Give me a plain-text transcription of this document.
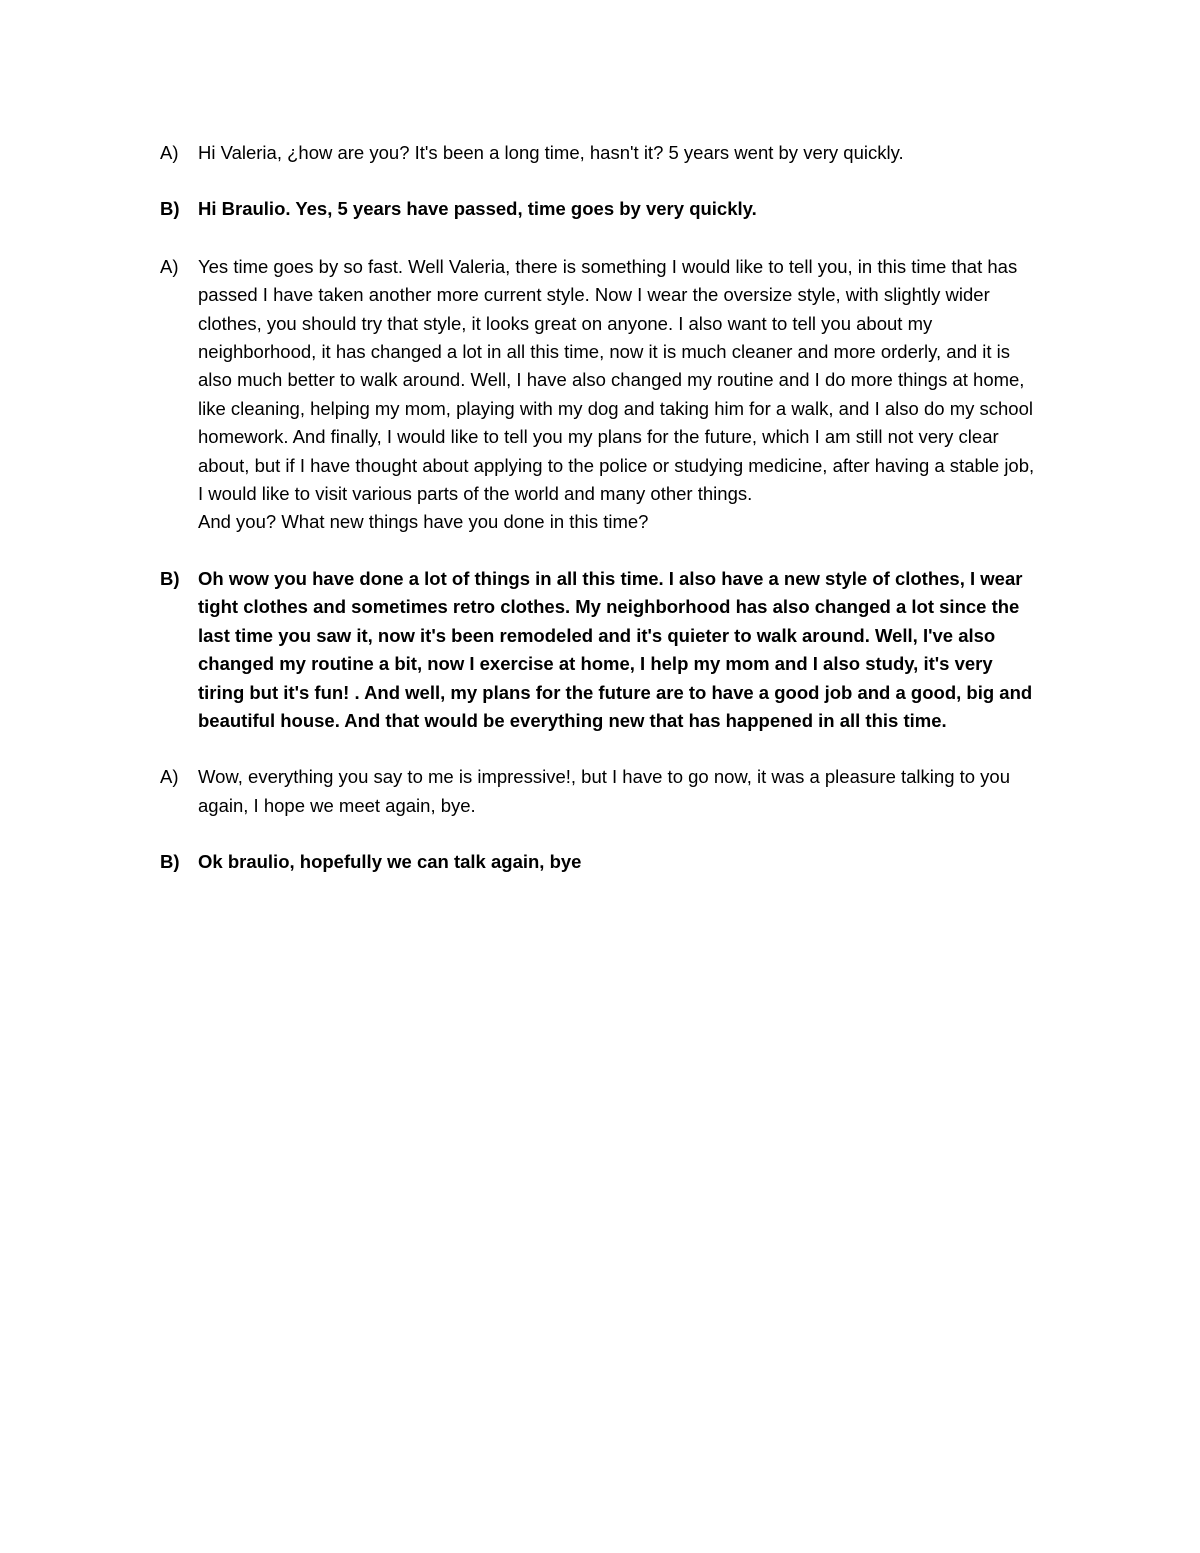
A)	Hi Valeria, ¿how are you? It's been a long time, hasn't it? 5 years went by very quickly.

B) Hi Braulio. Yes, 5 years have passed, time goes by very quickly.

A)	Yes time goes by so fast. Well Valeria, there is something I would like to tell you, in this time that has passed I have taken another more current style. Now I wear the oversize style, with slightly wider clothes, you should try that style, it looks great on anyone. I also want to tell you about my neighborhood, it has changed a lot in all this time, now it is much cleaner and more orderly, and it is also much better to walk around. Well, I have also changed my routine and I do more things at home, like cleaning, helping my mom, playing with my dog and taking him for a walk, and I also do my school homework. And finally, I would like to tell you my plans for the future, which I am still not very clear about, but if I have thought about applying to the police or studying medicine, after having a stable job, I would like to visit various parts of the world and many other things.

And you? What new things have you done in this time?

B) Oh wow you have done a lot of things in all this time. I also have a new style of clothes, I wear tight clothes and sometimes retro clothes. My neighborhood has also changed a lot since the last time you saw it, now it's been remodeled and it's quieter to walk around. Well, I've also changed my routine a bit, now I exercise at home, I help my mom and I also study, it's very tiring but it's fun! . And well, my plans for the future are to have a good job and a good, big and beautiful house. And that would be everything new that has happened in all this time.

A)	Wow, everything you say to me is impressive!, but I have to go now, it was a pleasure talking to you again, I hope we meet again, bye.

B) Ok braulio, hopefully we can talk again, bye
